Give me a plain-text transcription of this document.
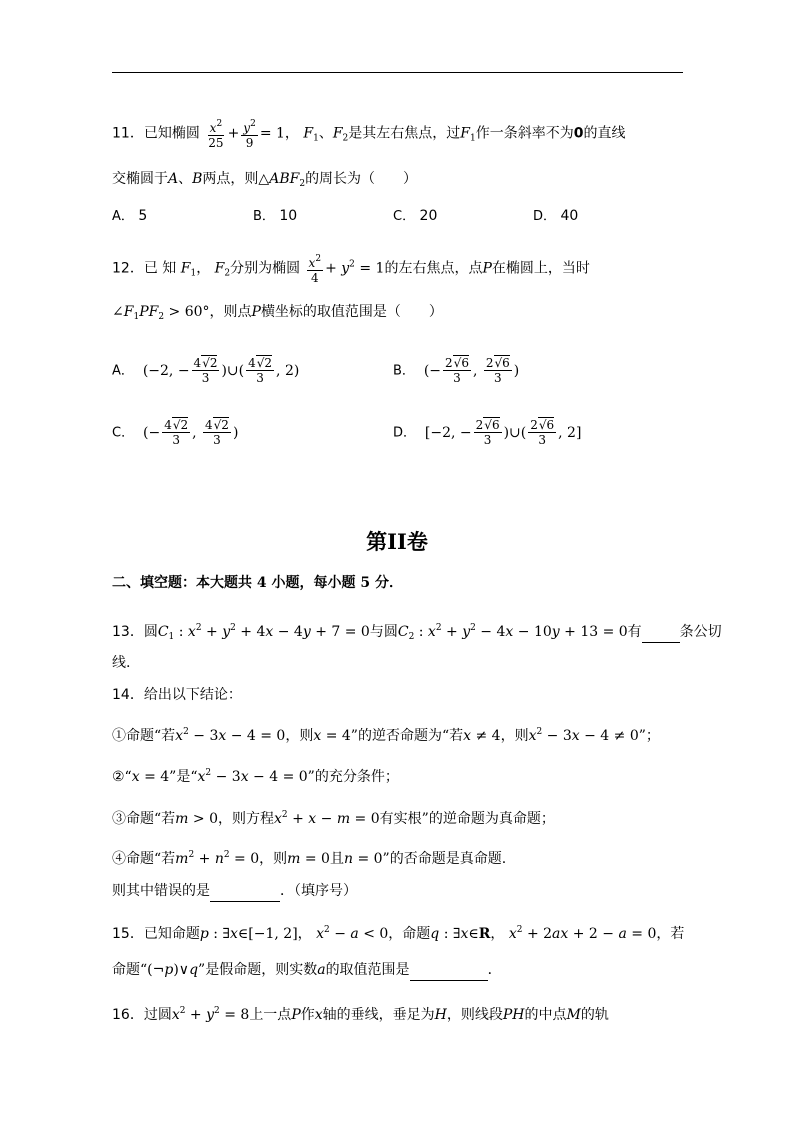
11．已知椭圆 $\frac{x^2}{25} + \frac{y^2}{9} = 1$， $F_1$、$F_2$是其左右焦点，过$F_1$作一条斜率不为0的直线
交椭圆于A、B两点，则$\triangle ABF_2$的周长为（　　）
A． 5	B． 10	C． 20	D． 40
12．已 知 $F_1$， $F_2$分别为椭圆 $\frac{x^2}{4} + y^2 = 1$的左右焦点，点P在椭圆上，当时
$\angle F_1PF_2 > 60^\circ$，则点P横坐标的取值范围是（　　）
A． (−2, − $\frac{4√2}{3}$ )∪( $\frac{4√2}{3}$ , 2)	B． (− $\frac{2√6}{3}$ , $\frac{2√6}{3}$ )
C． (− $\frac{4√2}{3}$ , $\frac{4√2}{3}$ )	D． [−2, − $\frac{2√6}{3}$ )∪( $\frac{2√6}{3}$ , 2]
第II卷
二、填空题：本大题共 4 小题，每小题 5 分．
13．圆$C_1$ : $x^2 + y^2 + 4x - 4y + 7 = 0$与圆$C_2$ : $x^2 + y^2 - 4x - 10y + 13 = 0$有	条公切
线.
14．给出以下结论：
①命题“若$x^2 - 3x - 4 = 0$，则x = 4”的逆否命题为“若x ≠ 4，则$x^2 - 3x - 4 \ne 0$”；
②“x = 4”是“$x^2 - 3x - 4 = 0$”的充分条件；
③命题“若m > 0，则方程$x^2 + x - m = 0$有实根”的逆命题为真命题；
④命题“若$m^2 + n^2 = 0$，则m = 0且n = 0”的否命题是真命题.
则其中错误的是	．（填序号）
15．已知命题p : ∃x∈[−1, 2]， $x^2 - a < 0$，命题q : ∃x∈R， $x^2 + 2ax + 2 - a = 0$，若
命题“(¬p)∨q”是假命题，则实数a的取值范围是	．
16．过圆$x^2 + y^2 = 8$上一点P作x轴的垂线，垂足为H，则线段PH的中点M的轨
